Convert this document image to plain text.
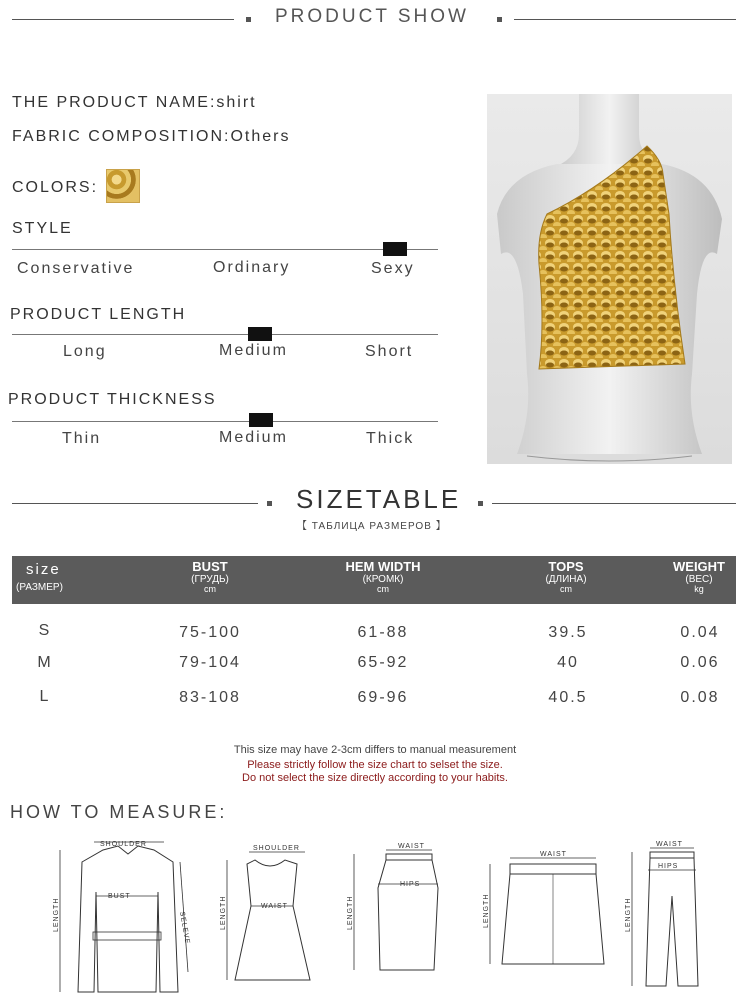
PRODUCT SHOW
THE PRODUCT NAME:shirt
FABRIC COMPOSITION:Others
COLORS:
STYLE
Conservative	Ordinary	Sexy
PRODUCT LENGTH
Long	Medium	Short
PRODUCT THICKNESS
Thin	Medium	Thick
SIZETABLE
【 ТАБЛИЦА РАЗМЕРОВ 】
size
(РАЗМЕР)
BUST
(ГРУДЬ)
cm
HEM WIDTH
(КРОМК)
cm
TOPS
(ДЛИНА)
cm
WEIGHT
(ВЕС)
kg
S	75-100	61-88	39.5	0.04
M	79-104	65-92	40	0.06
L	83-108	69-96	40.5	0.08
This size may have 2-3cm differs to manual measurement
Please strictly follow the size chart to selset the size.
Do not select the size directly according to your habits.
HOW TO MEASURE:
SHOULDER
BUST
LENGTH	SELEVE
SHOULDER
WAIST
LENGTH
WAIST
HIPS
LENGTH
WAIST
LENGTH
WAIST
HIPS
LENGTH
